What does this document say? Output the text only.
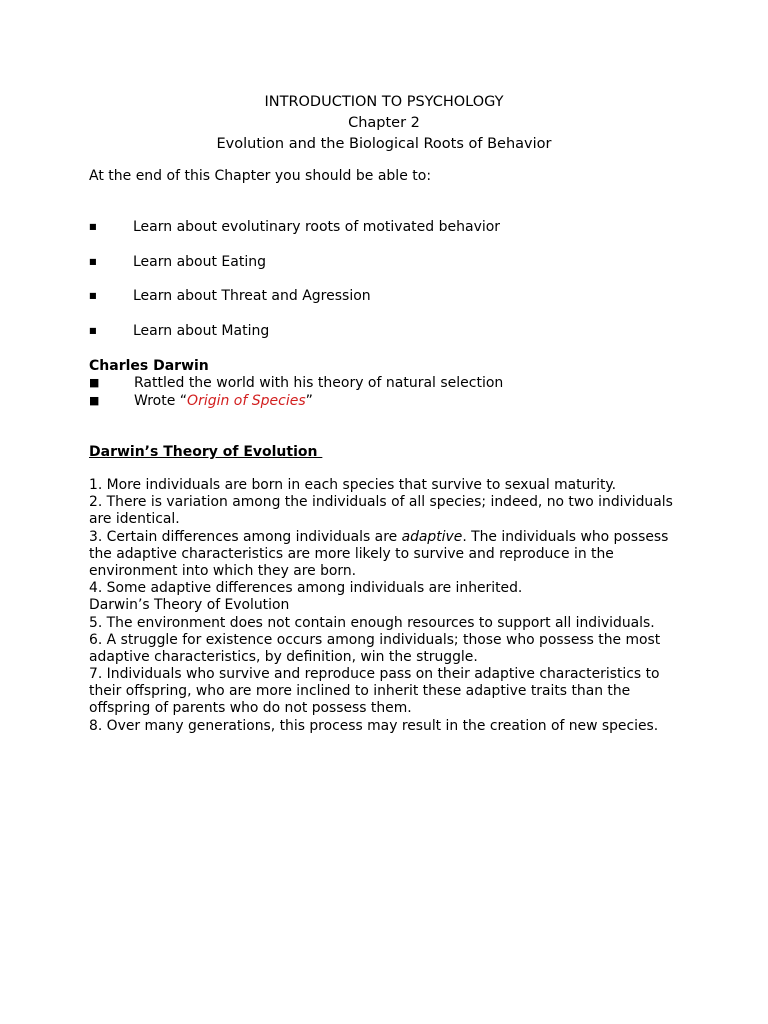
INTRODUCTION TO PSYCHOLOGY
Chapter 2
Evolution and the Biological Roots of Behavior
At the end of this Chapter you should be able to:
■	Learn about evolutinary roots of motivated behavior
■	Learn about Eating
■	Learn about Threat and Agression
■	Learn about Mating
Charles Darwin
■	Rattled the world with his theory of natural selection
■	Wrote “Origin of Species”
Darwin’s Theory of Evolution
1. More individuals are born in each species that survive to sexual maturity.
2. There is variation among the individuals of all species; indeed, no two individuals
are identical.
3. Certain differences among individuals are adaptive. The individuals who possess
the adaptive characteristics are more likely to survive and reproduce in the
environment into which they are born.
4. Some adaptive differences among individuals are inherited.
Darwin’s Theory of Evolution
5. The environment does not contain enough resources to support all individuals.
6. A struggle for existence occurs among individuals; those who possess the most
adaptive characteristics, by definition, win the struggle.
7. Individuals who survive and reproduce pass on their adaptive characteristics to
their offspring, who are more inclined to inherit these adaptive traits than the
offspring of parents who do not possess them.
8. Over many generations, this process may result in the creation of new species.
